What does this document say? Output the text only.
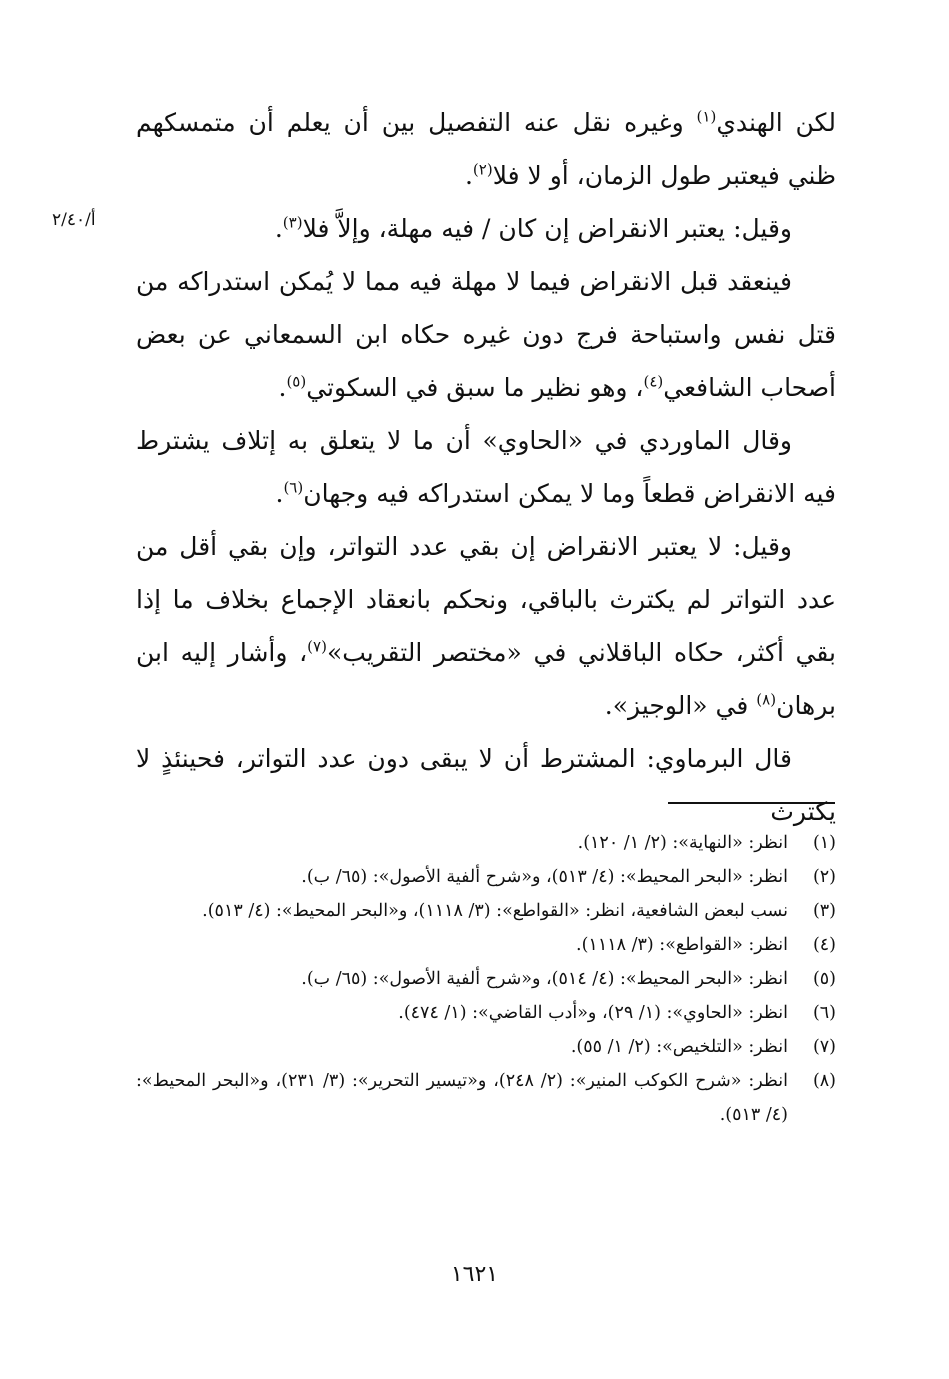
لكن الهندي$^{(١)}$ وغيره نقل عنه التفصيل بين أن يعلم أن متمسكهم ظني فيعتبر طول الزمان، أو لا فلا$^{(٢)}$.

وقيل: يعتبر الانقراض إن كان / فيه مهلة، وإلاَّ فلا$^{(٣)}$.

فينعقد قبل الانقراض فيما لا مهلة فيه مما لا يُمكن استدراكه من قتل نفس واستباحة فرج دون غيره حكاه ابن السمعاني عن بعض أصحاب الشافعي$^{(٤)}$، وهو نظير ما سبق في السكوتي$^{(٥)}$.

وقال الماوردي في «الحاوي» أن ما لا يتعلق به إتلاف يشترط فيه الانقراض قطعاً وما لا يمكن استدراكه فيه وجهان$^{(٦)}$.

وقيل: لا يعتبر الانقراض إن بقي عدد التواتر، وإن بقي أقل من عدد التواتر لم يكترث بالباقي، ونحكم بانعقاد الإجماع بخلاف ما إذا بقي أكثر، حكاه الباقلاني في «مختصر التقريب»$^{(٧)}$، وأشار إليه ابن برهان$^{(٨)}$ في «الوجيز».

قال البرماوي: المشترط أن لا يبقى دون عدد التواتر، فحينئذٍ لا يكترث

أ/٢/٤٠
(١)
انظر: «النهاية»: (٢/ ١/ ١٢٠).
(٢)
انظر: «البحر المحيط»: (٤/ ٥١٣)، و«شرح ألفية الأصول»: (٦٥/ ب).
(٣)
نسب لبعض الشافعية، انظر: «القواطع»: (٣/ ١١١٨)، و«البحر المحيط»: (٤/ ٥١٣).
(٤)
انظر: «القواطع»: (٣/ ١١١٨).
(٥)
انظر: «البحر المحيط»: (٤/ ٥١٤)، و«شرح ألفية الأصول»: (٦٥/ ب).
(٦)
انظر: «الحاوي»: (١/ ٢٩)، و«أدب القاضي»: (١/ ٤٧٤).
(٧)
انظر: «التلخيص»: (٢/ ١/ ٥٥).
(٨)
انظر: «شرح الكوكب المنير»: (٢/ ٢٤٨)، و«تيسير التحرير»: (٣/ ٢٣١)، و«البحر المحيط»: (٤/ ٥١٣).
١٦٢١
